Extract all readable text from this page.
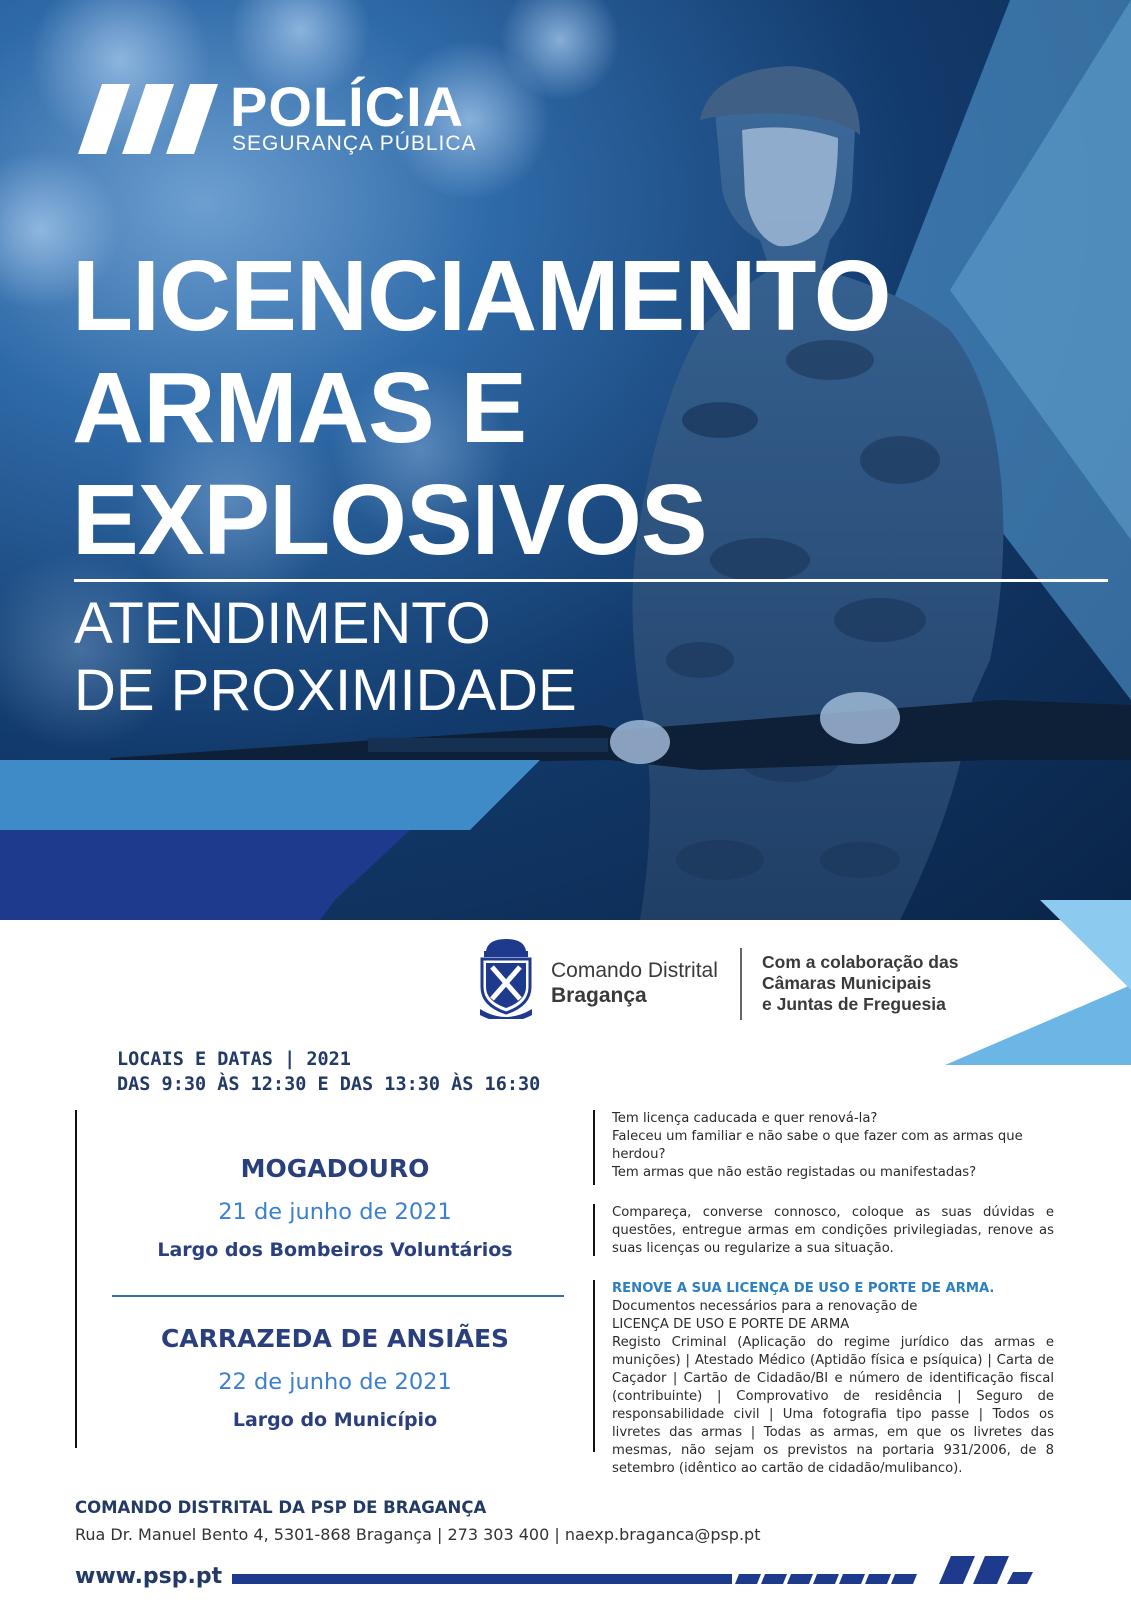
POLÍCIA
SEGURANÇA PÚBLICA
LICENCIAMENTO
ARMAS E
EXPLOSIVOS
ATENDIMENTO
DE PROXIMIDADE
Comando Distrital
Bragança
Com a colaboração das
Câmaras Municipais
e Juntas de Freguesia
LOCAIS E DATAS | 2021
DAS 9:30 ÀS 12:30 E DAS 13:30 ÀS 16:30
MOGADOURO
21 de junho de 2021
Largo dos Bombeiros Voluntários
CARRAZEDA DE ANSIÃES
22 de junho de 2021
Largo do Município

Tem licença caducada e quer renová-la?

Faleceu um familiar e não sabe o que fazer com as armas que herdou?

Tem armas que não estão registadas ou manifestadas?

Compareça, converse connosco, coloque as suas dúvidas e questões, entregue armas em condições privilegiadas, renove as suas licenças ou regularize a sua situação.

RENOVE A SUA LICENÇA DE USO E PORTE DE ARMA.

Documentos necessários para a renovação de

LICENÇA DE USO E PORTE DE ARMA

Registo Criminal (Aplicação do regime jurídico das armas e munições) | Atestado Médico (Aptidão física e psíquica) | Carta de Caçador | Cartão de Cidadão/BI e número de identificação fiscal (contribuinte) | Comprovativo de residência | Seguro de responsabilidade civil | Uma fotografia tipo passe | Todos os livretes das armas | Todas as armas, em que os livretes das mesmas, não sejam os previstos na portaria 931/2006, de 8 setembro (idêntico ao cartão de cidadão/mulibanco).

COMANDO DISTRITAL DA PSP DE BRAGANÇA
Rua Dr. Manuel Bento 4, 5301-868 Bragança | 273 303 400 | naexp.braganca@psp.pt
www.psp.pt
